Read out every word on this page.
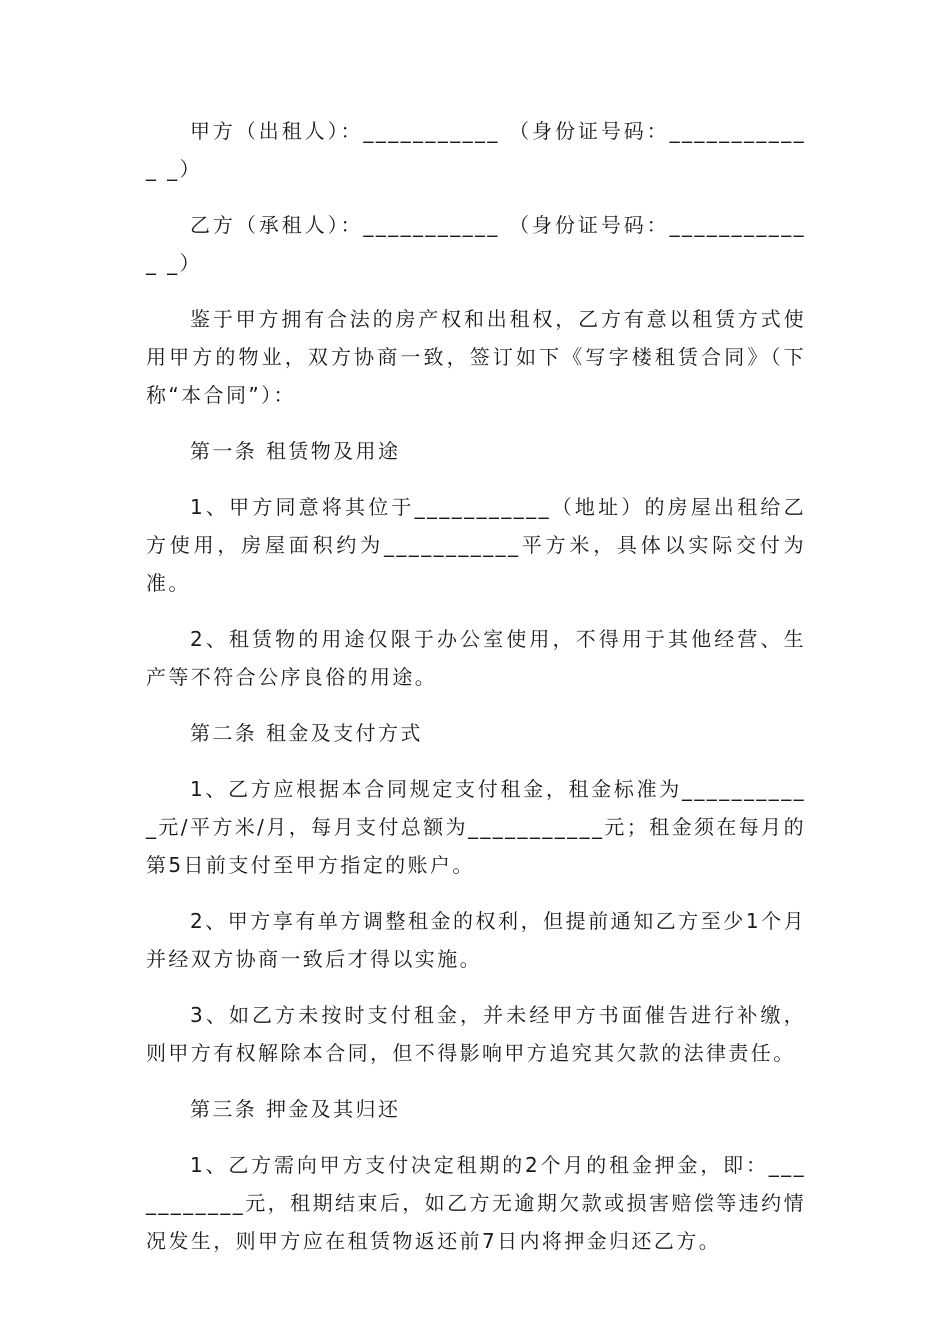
甲方（出租人）：___________ （身份证号码：____________ _）

乙方（承租人）：___________ （身份证号码：____________ _）

鉴于甲方拥有合法的房产权和出租权，乙方有意以租赁方式使用甲方的物业，双方协商一致，签订如下《写字楼租赁合同》（下称“本合同”）：

第一条 租赁物及用途

1、甲方同意将其位于___________（地址）的房屋出租给乙方使用，房屋面积约为___________平方米，具体以实际交付为准。

2、租赁物的用途仅限于办公室使用，不得用于其他经营、生产等不符合公序良俗的用途。

第二条 租金及支付方式

1、乙方应根据本合同规定支付租金，租金标准为___________元/平方米/月，每月支付总额为___________元；租金须在每月的第5日前支付至甲方指定的账户。

2、甲方享有单方调整租金的权利，但提前通知乙方至少1个月并经双方协商一致后才得以实施。

3、如乙方未按时支付租金，并未经甲方书面催告进行补缴，则甲方有权解除本合同，但不得影响甲方追究其欠款的法律责任。

第三条 押金及其归还

1、乙方需向甲方支付决定租期的2个月的租金押金，即：___________元，租期结束后，如乙方无逾期欠款或损害赔偿等违约情况发生，则甲方应在租赁物返还前7日内将押金归还乙方。
